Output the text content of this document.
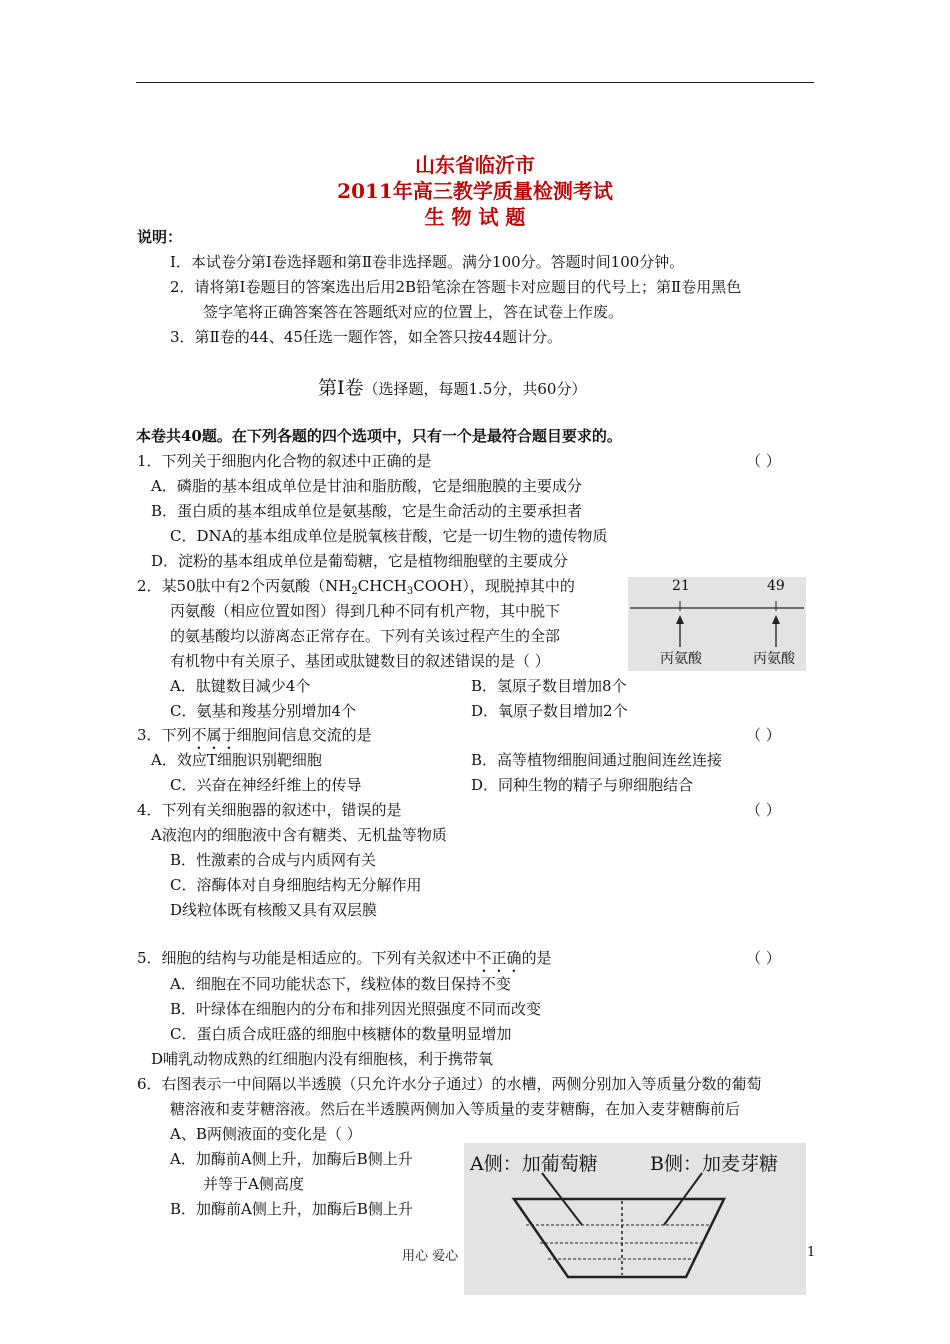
山东省临沂市
2011年高三教学质量检测考试
生 物 试 题
说明：
I．本试卷分第Ⅰ卷选择题和第Ⅱ卷非选择题。满分100分。答题时间100分钟。
2．请将第Ⅰ卷题目的答案选出后用2B铅笔涂在答题卡对应题目的代号上；第Ⅱ卷用黑色
签字笔将正确答案答在答题纸对应的位置上，答在试卷上作废。
3．第Ⅱ卷的44、45任选一题作答，如全答只按44题计分。
第Ⅰ卷（选择题，每题1.5分，共60分）
本卷共40题。在下列各题的四个选项中，只有一个是最符合题目要求的。
1．下列关于细胞内化合物的叙述中正确的是	（ ）
A．磷脂的基本组成单位是甘油和脂肪酸，它是细胞膜的主要成分
B．蛋白质的基本组成单位是氨基酸，它是生命活动的主要承担者
C．DNA的基本组成单位是脱氧核苷酸，它是一切生物的遗传物质
D．淀粉的基本组成单位是葡萄糖，它是植物细胞壁的主要成分
2．某50肽中有2个丙氨酸$(NH_2CHCH_3COOH)$，现脱掉其中的
丙氨酸（相应位置如图）得到几种不同有机产物，其中脱下
的氨基酸均以游离态正常存在。下列有关该过程产生的全部
有机物中有关原子、基团或肽键数目的叙述错误的是（ ）
A．肽键数目减少4个	B．氢原子数目增加8个
C．氨基和羧基分别增加4个	D．氧原子数目增加2个
21	49
丙氨酸	丙氨酸
3．下列不属于细胞间信息交流的是	（ ）
A．效应T细胞识别靶细胞	B．高等植物细胞间通过胞间连丝连接
C．兴奋在神经纤维上的传导	D．同种生物的精子与卵细胞结合
4．下列有关细胞器的叙述中，错误的是	（ ）
A液泡内的细胞液中含有糖类、无机盐等物质
B．性激素的合成与内质网有关
C．溶酶体对自身细胞结构无分解作用
D线粒体既有核酸又具有双层膜
5．细胞的结构与功能是相适应的。下列有关叙述中不正确的是	（ ）
A．细胞在不同功能状态下，线粒体的数目保持不变
B．叶绿体在细胞内的分布和排列因光照强度不同而改变
C．蛋白质合成旺盛的细胞中核糖体的数量明显增加
D哺乳动物成熟的红细胞内没有细胞核，利于携带氧
6．右图表示一中间隔以半透膜（只允许水分子通过）的水槽，两侧分别加入等质量分数的葡萄
糖溶液和麦芽糖溶液。然后在半透膜两侧加入等质量的麦芽糖酶，在加入麦芽糖酶前后
A、B两侧液面的变化是（ ）
A．加酶前A侧上升，加酶后B侧上升
并等于A侧高度
B．加酶前A侧上升，加酶后B侧上升
A侧：加葡萄糖	B侧：加麦芽糖
用心 爱心	1
